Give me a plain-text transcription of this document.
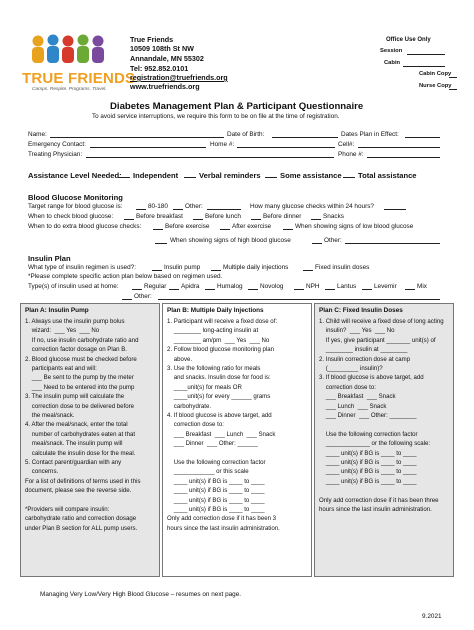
TRUE FRIENDS
Camps. Respite. Programs. Travel.
True Friends
10509 108th St NW
Annandale, MN 55302
Tel: 952.852.0101
registration@truefriends.org
www.truefriends.org
Office Use Only
Session
Cabin
Cabin Copy
Nurse Copy
Diabetes Management Plan & Participant Questionnaire
To avoid service interruptions, we require this form to be on file at the time of registration.
Name:	Date of Birth:	Dates Plan in Effect:
Emergency Contact:	Home #:	Cell#:
Treating Physician:	Phone #:
Assistance Level Needed: Independent	Verbal reminders	Some assistance Total assistance
Blood Glucose Monitoring
Target range for blood glucose is:	80-180	Other:	How many glucose checks within 24 hours?
When to check blood glucose:	Before breakfast	Before lunch	Before dinner	Snacks
When to do extra blood glucose checks:	Before exercise	After exercise	When showing signs of low blood glucose
When showing signs of high blood glucose	Other:
Insulin Plan
What type of insulin regimen is used?:	Insulin pump	Multiple daily injections	Fixed insulin doses
*Please complete specific action plan below based on regimen used.
Type(s) of insulin used at home:	Regular Apidra	Humalog	Novolog	NPH	Lantus	Levemir	Mix
Other:
Plan A: Insulin Pump
1. Always use the insulin pump bolus
wizard:  ___ Yes  ___ No
If no, use insulin carbohydrate ratio and
correction factor dosage on Plan B.
2. Blood glucose must be checked before
participants eat and will:
___ Be sent to the pump by the meter
___ Need to be entered into the pump
3. The insulin pump will calculate the
correction dose to be delivered before
the meal/snack.
4. After the meal/snack, enter the total
number of carbohydrates eaten at that
meal/snack. The insulin pump will
calculate the insulin dose for the meal.
5. Contact parent/guardian with any
concerns.
For a list of definitions of terms used in this
document, please see the reverse side.
*Providers will compare insulin:
carbohydrate ratio and correction dosage
under Plan B section for ALL pump users.
Plan B: Multiple Daily Injections
1. Participant will receive a fixed dose of:
________ long-acting insulin at
________ am/pm  ___ Yes  ___ No
2. Follow blood glucose monitoring plan
above.
3. Use the following ratio for meals
and snacks. Insulin dose for food is:
____unit(s) for meals OR
____unit(s) for every ______ grams
carbohydrate.
4. If blood glucose is above target, add
correction dose to:
___ Breakfast  ___ Lunch  ___ Snack
___ Dinner  ___ Other: ______
Use the following correction factor
____________ or this scale
____ unit(s) if BG is ____ to ____
____ unit(s) if BG is ____ to ____
____ unit(s) if BG is ____ to ____
____ unit(s) if BG is ____ to ____
Only add correction dose if it has been 3
hours since the last insulin administration.
Plan C: Fixed Insulin Doses
1. Child will receive a fixed dose of long acting
insulin?  ___ Yes  ___ No
If yes, give participant _______ unit(s) of
________ insulin at ________
2. Insulin correction dose at camp
(_________ insulin)?
3. If blood glucose is above target, add
correction dose to:
___ Breakfast  ___ Snack
___ Lunch  ___ Snack
___ Dinner  ___ Other: ________
Use the following correction factor
_____________ or the following scale:
____ unit(s) if BG is ____ to ____
____ unit(s) if BG is ____ to ____
____ unit(s) if BG is ____ to ____
____ unit(s) if BG is ____ to ____
Only add correction dose if it has been three
hours since the last insulin administration.
Managing Very Low/Very High Blood Glucose – resumes on next page.
9.2021
